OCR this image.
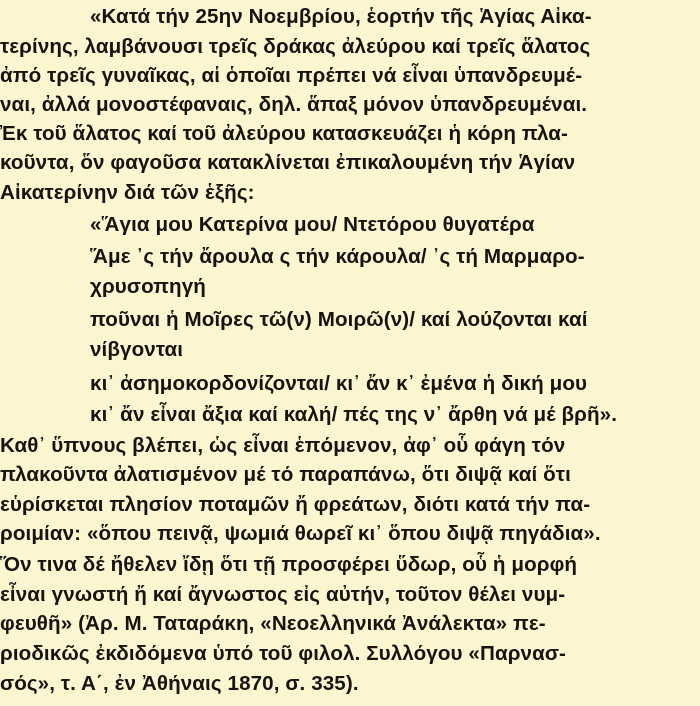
«Κατά τήν 25ην Νοεμβρίου, ἑορτήν τῆς Ἁγίας Αἰκα-
τερίνης, λαμβάνουσι τρεῖς δράκας ἀλεύρου καί τρεῖς ἅλατος
ἀπό τρεῖς γυναῖκας, αἱ ὁποῖαι πρέπει νά εἶναι ὑπανδρευμέ-
ναι, ἀλλά μονοστέφαναις, δηλ. ἅπαξ μόνον ὑπανδρευμέναι.
Ἐκ τοῦ ἅλατος καί τοῦ ἀλεύρου κατασκευάζει ἡ κόρη πλα-
κοῦντα, ὅν φαγοῦσα κατακλίνεται ἐπικαλουμένη τήν Ἁγίαν
Αἰκατερίνην διά τῶν ἑξῆς:
«Ἅγια μου Κατερίνα μου/ Ντετόρου θυγατέρα
Ἅμε ᾽ς τήν ἄρουλα ς τήν κάρουλα/ ᾽ς τή Μαρμαρο-
χρυσοπηγή
ποῦναι ἡ Μοῖρες τῶ(ν) Μοιρῶ(ν)/ καί λούζονται καί
νίβγονται
κι᾽ ἀσημοκορδονίζονται/ κι᾽ ἄν κ᾽ ἐμένα ἡ δική μου
κι᾽ ἄν εἶναι ἄξια καί καλή/ πές της ν᾽ ἄρθη νά μέ βρῆ».
Καθ᾽ ὕπνους βλέπει, ὡς εἶναι ἑπόμενον, ἀφ᾽ οὗ φάγη τόν
πλακοῦντα ἀλατισμένον μέ τό παραπάνω, ὅτι διψᾷ καί ὅτι
εὑρίσκεται πλησίον ποταμῶν ἤ φρεάτων, διότι κατά τήν πα-
ροιμίαν: «ὅπου πεινᾷ, ψωμιά θωρεῖ κι᾽ ὅπου διψᾷ πηγάδια».
Ὅν τινα δέ ἤθελεν ἴδῃ ὅτι τῇ προσφέρει ὕδωρ, οὗ ἡ μορφή
εἶναι γνωστή ἤ καί ἄγνωστος εἰς αὐτήν, τοῦτον θέλει νυμ-
φευθῆ» (Ἀρ. Μ. Ταταράκη, «Νεοελληνικά Ἀνάλεκτα» πε-
ριοδικῶς ἐκδιδόμενα ὑπό τοῦ φιλολ. Συλλόγου «Παρνασ-
σός», τ. Α΄, ἐν Ἀθήναις 1870, σ. 335).
